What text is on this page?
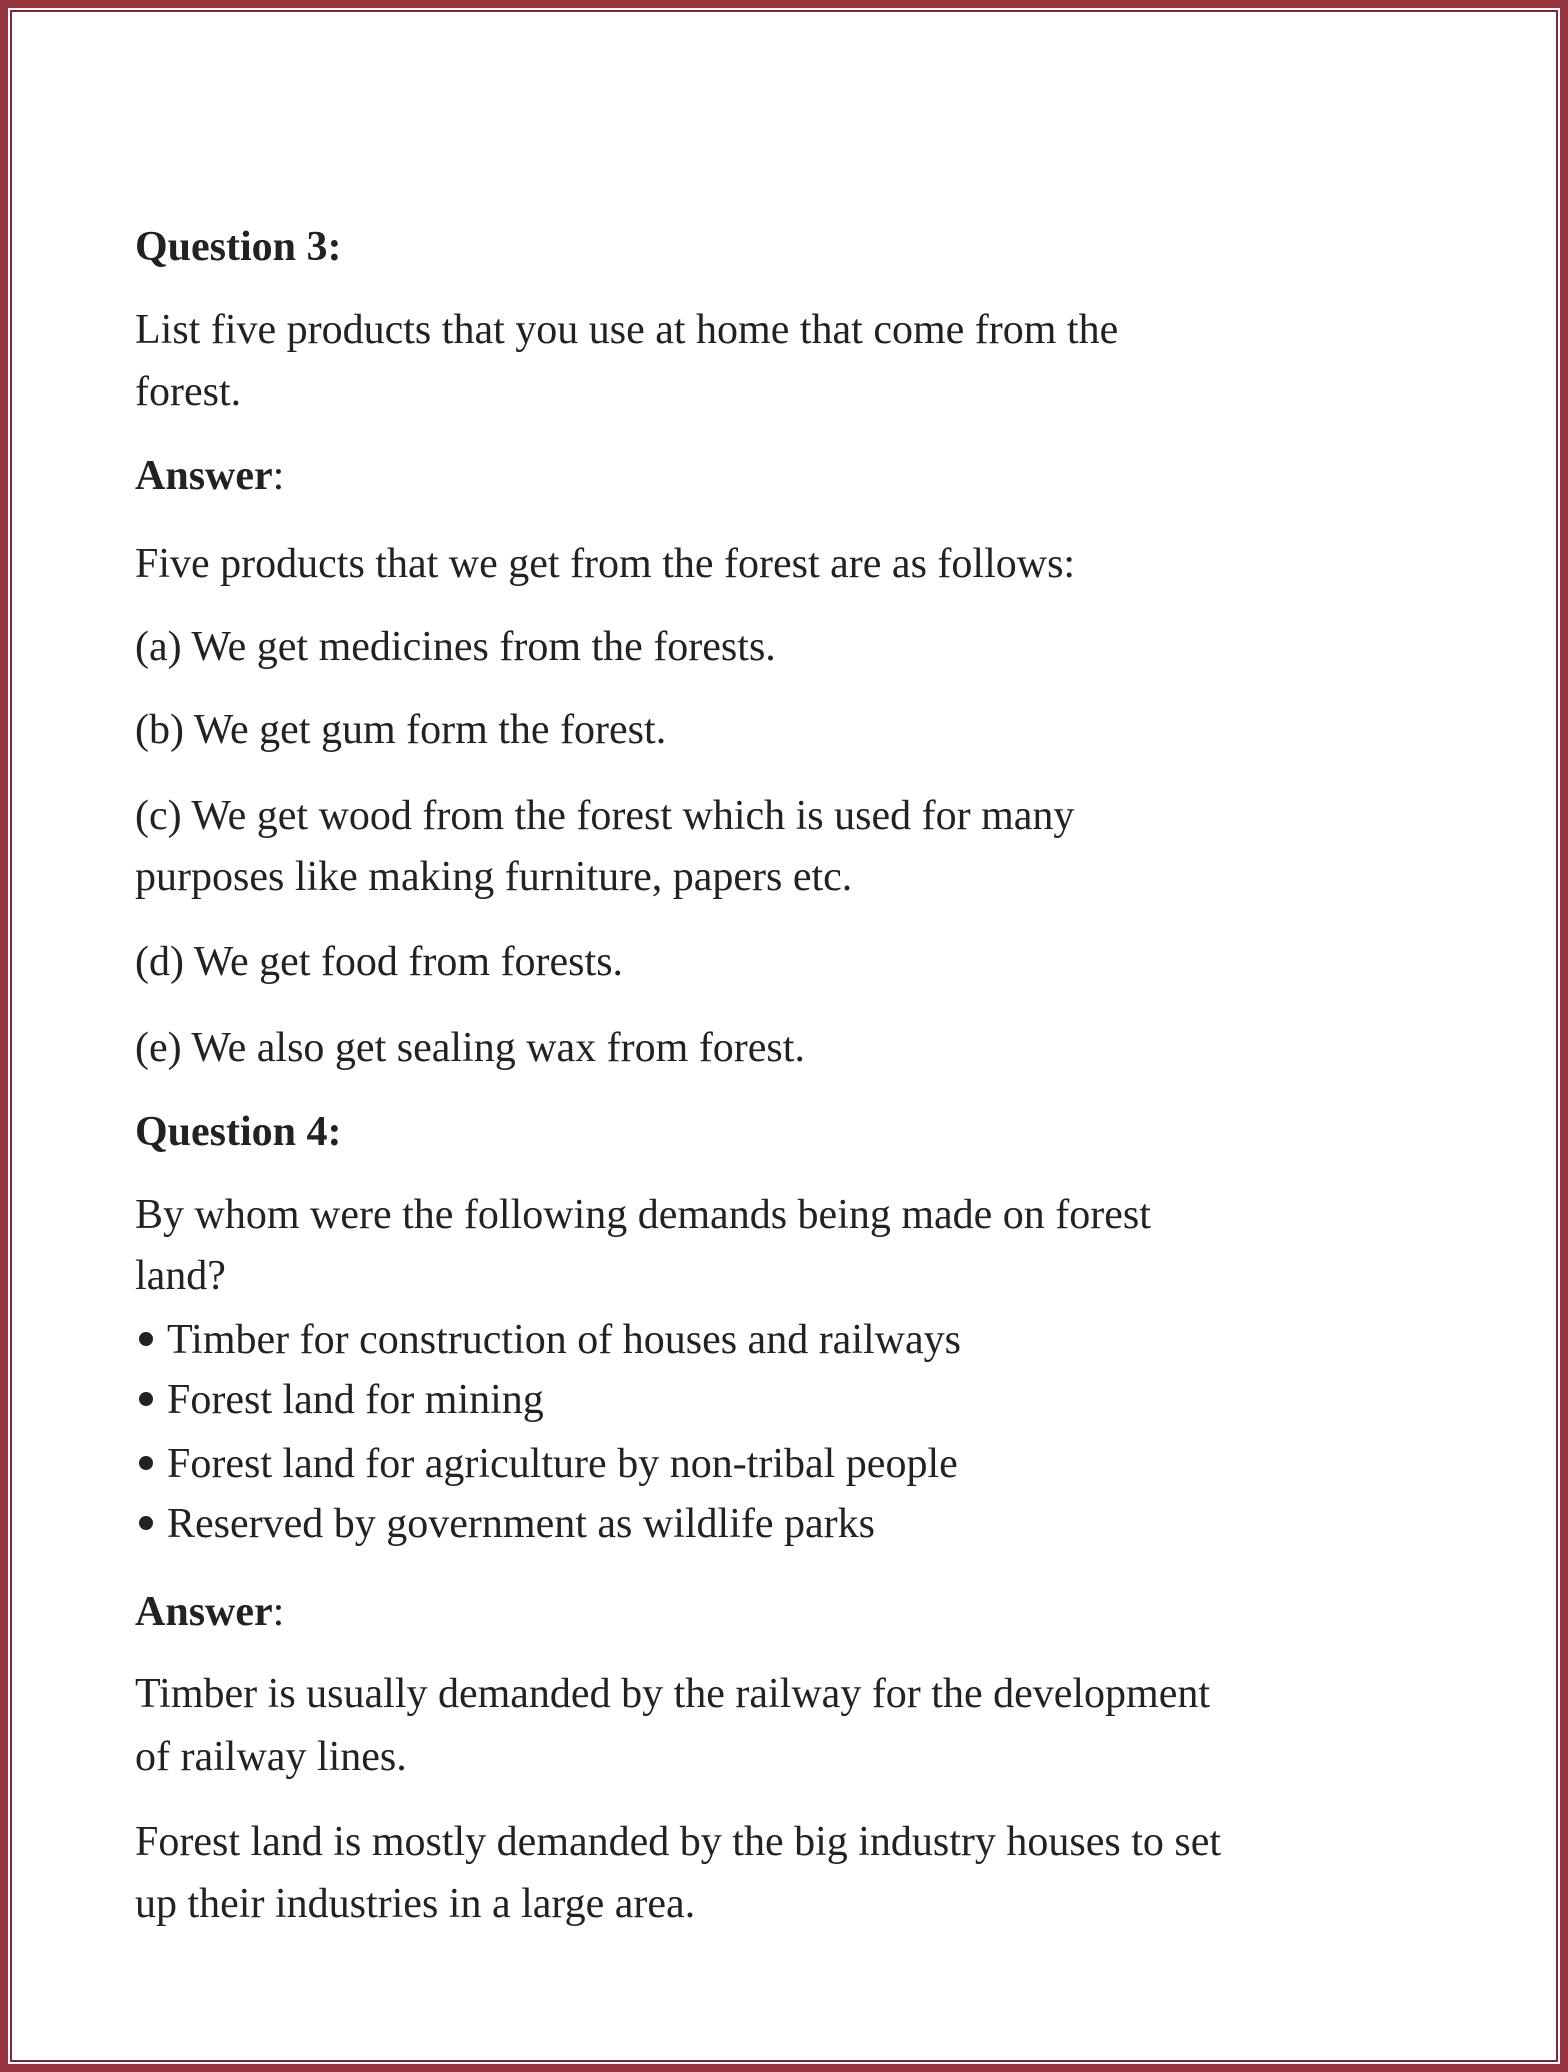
Question 3:
List five products that you use at home that come from the
forest.
Answer:
Five products that we get from the forest are as follows:
(a) We get medicines from the forests.
(b) We get gum form the forest.
(c) We get wood from the forest which is used for many
purposes like making furniture, papers etc.
(d) We get food from forests.
(e) We also get sealing wax from forest.
Question 4:
By whom were the following demands being made on forest
land?
Timber for construction of houses and railways
Forest land for mining
Forest land for agriculture by non-tribal people
Reserved by government as wildlife parks
Answer:
Timber is usually demanded by the railway for the development
of railway lines.
Forest land is mostly demanded by the big industry houses to set
up their industries in a large area.
